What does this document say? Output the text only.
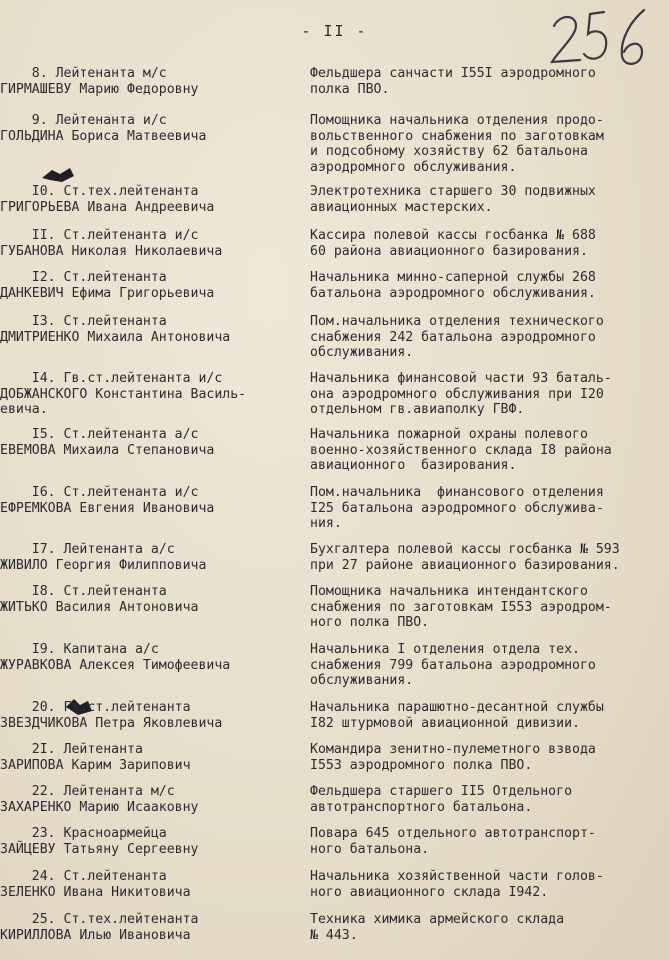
- II -
8. Лейтенанта м/с
ГИРМАШЕВУ Марию Федоровну
Фельдшера санчасти I55I аэродромного
полка ПВО.
9. Лейтенанта и/с
ГОЛЬДИНА Бориса Матвеевича
Помощника начальника отделения продо-
вольственного снабжения по заготовкам
и подсобному хозяйству 62 батальона
аэродромного обслуживания.
I0. Ст.тех.лейтенанта
ГРИГОРЬЕВА Ивана Андреевича
Электротехника старшего 30 подвижных
авиационных мастерских.
II. Ст.лейтенанта и/с
ГУБАНОВА Николая Николаевича
Кассира полевой кассы госбанка № 688
60 района авиационного базирования.
I2. Ст.лейтенанта
ДАНКЕВИЧ Ефима Григорьевича
Начальника минно-саперной службы 268
батальона аэродромного обслуживания.
I3. Ст.лейтенанта
ДМИТРИЕНКО Михаила Антоновича
Пом.начальника отделения технического
снабжения 242 батальона аэродромного
обслуживания.
I4. Гв.ст.лейтенанта и/с
ДОБЖАНСКОГО Константина Василь-
евича.
Начальника финансовой части 93 баталь-
она аэродромного обслуживания при I20
отдельном гв.авиаполку ГВФ.
I5. Ст.лейтенанта а/с
ЕВЕМОВА Михаила Степановича
Начальника пожарной охраны полевого
военно-хозяйственного склада I8 района
авиационного  базирования.
I6. Ст.лейтенанта и/с
ЕФРЕМКОВА Евгения Ивановича
Пом.начальника  финансового отделения
I25 батальона аэродромного обслужива-
ния.
I7. Лейтенанта а/с
ЖИВИЛО Георгия Филипповича
Бухгалтера полевой кассы госбанка № 593
при 27 районе авиационного базирования.
I8. Ст.лейтенанта
ЖИТЬКО Василия Антоновича
Помощника начальника интендантского
снабжения по заготовкам I553 аэродром-
ного полка ПВО.
I9. Капитана а/с
ЖУРАВКОВА Алексея Тимофеевича
Начальника I отделения отдела тех.
снабжения 799 батальона аэродромного
обслуживания.
20. Гв.ст.лейтенанта
ЗВЕЗДЧИКОВА Петра Яковлевича
Начальника парашютно-десантной службы
I82 штурмовой авиационной дивизии.
2I. Лейтенанта
ЗАРИПОВА Карим Зарипович
Командира зенитно-пулеметного взвода
I553 аэродромного полка ПВО.
22. Лейтенанта м/с
ЗАХАРЕНКО Марию Исааковну
Фельдшера старшего II5 Отдельного
автотранспортного батальона.
23. Красноармейца
ЗАЙЦЕВУ Татьяну Сергеевну
Повара 645 отдельного автотранспорт-
ного батальона.
24. Ст.лейтенанта
ЗЕЛЕНКО Ивана Никитовича
Начальника хозяйственной части голов-
ного авиационного склада I942.
25. Ст.тех.лейтенанта
КИРИЛЛОВА Илью Ивановича
Техника химика армейского склада
№ 443.
